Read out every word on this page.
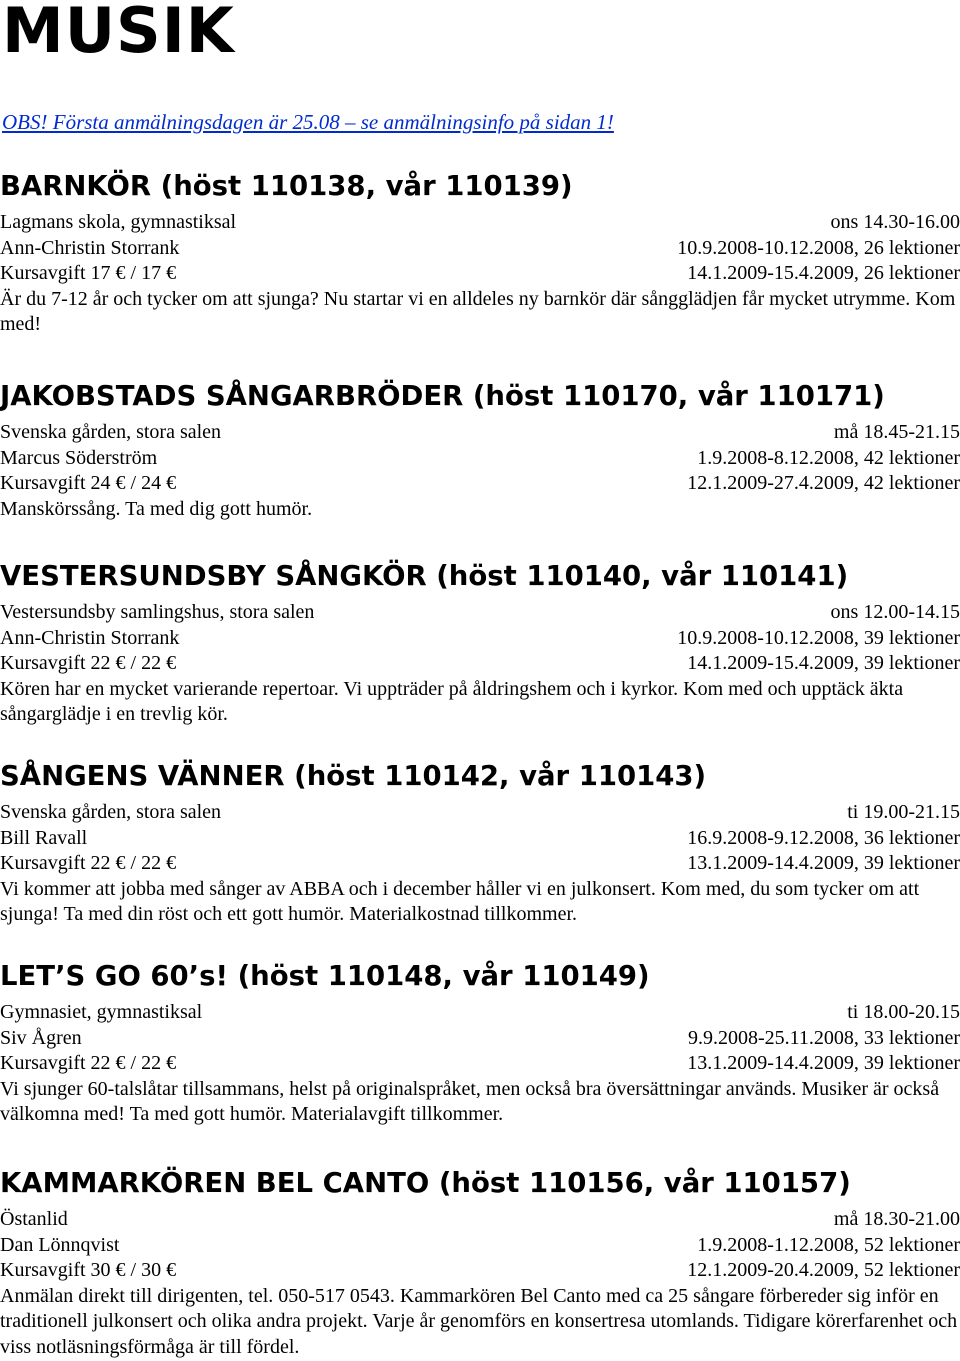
MUSIK

OBS! Första anmälningsdagen är 25.08 – se anmälningsinfo på sidan 1!

BARNKÖR (höst 110138, vår 110139)
Lagmans skola, gymnastiksal	ons 14.30-16.00
Ann-Christin Storrank	10.9.2008-10.12.2008, 26 lektioner
Kursavgift 17 € / 17 €	14.1.2009-15.4.2009, 26 lektioner

Är du 7-12 år och tycker om att sjunga? Nu startar vi en alldeles ny barnkör där sångglädjen får mycket utrymme. Kom med!

JAKOBSTADS SÅNGARBRÖDER (höst 110170, vår 110171)
Svenska gården, stora salen	må 18.45-21.15
Marcus Söderström	1.9.2008-8.12.2008, 42 lektioner
Kursavgift 24 € / 24 €	12.1.2009-27.4.2009, 42 lektioner

Manskörssång. Ta med dig gott humör.

VESTERSUNDSBY SÅNGKÖR (höst 110140, vår 110141)
Vestersundsby samlingshus, stora salen	ons 12.00-14.15
Ann-Christin Storrank	10.9.2008-10.12.2008, 39 lektioner
Kursavgift 22 € / 22 €	14.1.2009-15.4.2009, 39 lektioner

Kören har en mycket varierande repertoar. Vi uppträder på åldringshem och i kyrkor. Kom med och upptäck äkta sångarglädje i en trevlig kör.

SÅNGENS VÄNNER (höst 110142, vår 110143)
Svenska gården, stora salen	ti 19.00-21.15
Bill Ravall	16.9.2008-9.12.2008, 36 lektioner
Kursavgift 22 € / 22 €	13.1.2009-14.4.2009, 39 lektioner

Vi kommer att jobba med sånger av ABBA och i december håller vi en julkonsert. Kom med, du som tycker om att sjunga! Ta med din röst och ett gott humör. Materialkostnad tillkommer.

LET’S GO 60’s! (höst 110148, vår 110149)
Gymnasiet, gymnastiksal	ti 18.00-20.15
Siv Ågren	9.9.2008-25.11.2008, 33 lektioner
Kursavgift 22 € / 22 €	13.1.2009-14.4.2009, 39 lektioner

Vi sjunger 60-talslåtar tillsammans, helst på originalspråket, men också bra översättningar används. Musiker är också välkomna med! Ta med gott humör. Materialavgift tillkommer.

KAMMARKÖREN BEL CANTO (höst 110156, vår 110157)
Östanlid	må 18.30-21.00
Dan Lönnqvist	1.9.2008-1.12.2008, 52 lektioner
Kursavgift 30 € / 30 €	12.1.2009-20.4.2009, 52 lektioner

Anmälan direkt till dirigenten, tel. 050-517 0543. Kammarkören Bel Canto med ca 25 sångare förbereder sig inför en traditionell julkonsert och olika andra projekt. Varje år genomförs en konsertresa utomlands. Tidigare körerfarenhet och viss notläsningsförmåga är till fördel.
